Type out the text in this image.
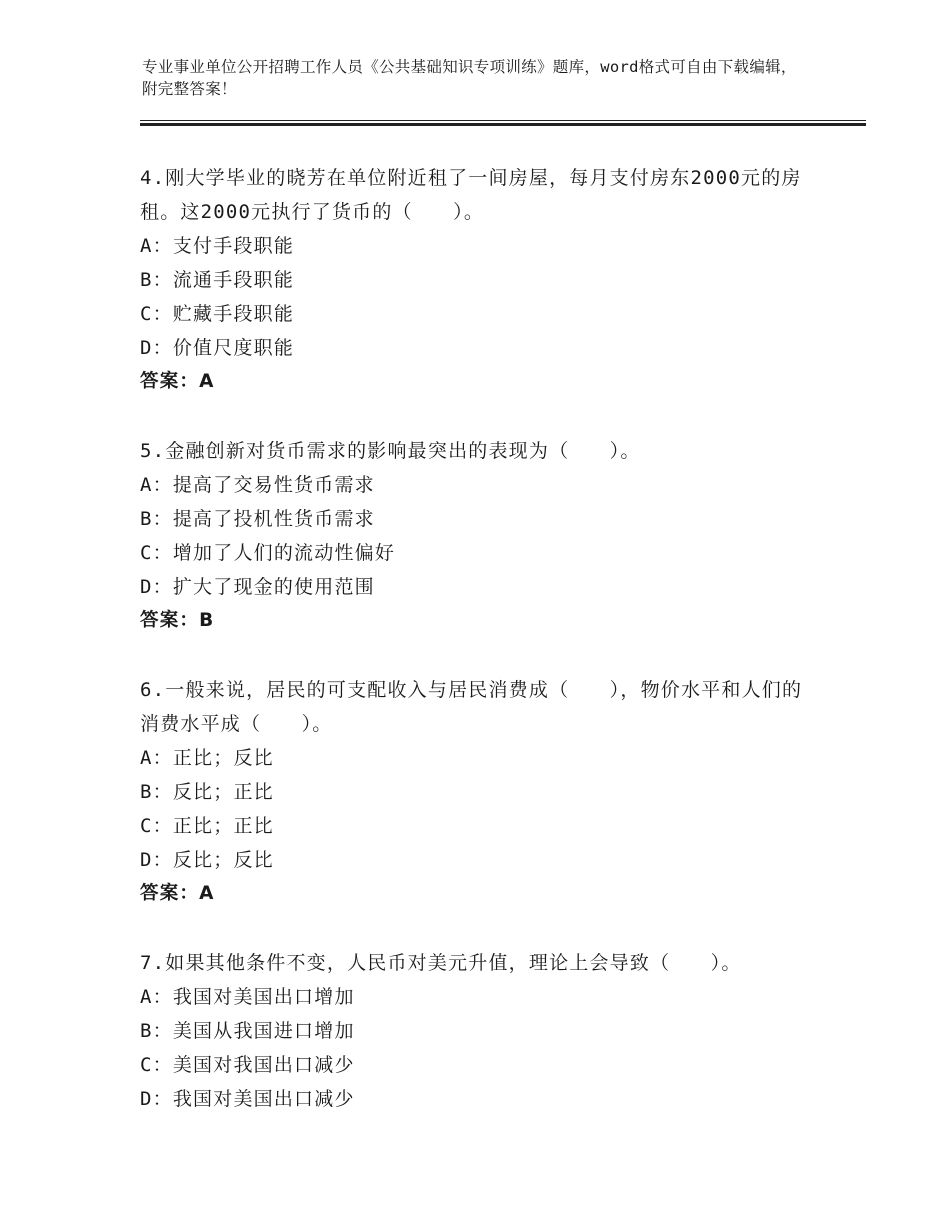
专业事业单位公开招聘工作人员《公共基础知识专项训练》题库，word格式可自由下载编辑，附完整答案！

4.刚大学毕业的晓芳在单位附近租了一间房屋，每月支付房东2000元的房租。这2000元执行了货币的（　　）。

A：支付手段职能

B：流通手段职能

C：贮藏手段职能

D：价值尺度职能

答案：A

5.金融创新对货币需求的影响最突出的表现为（　　）。

A：提高了交易性货币需求

B：提高了投机性货币需求

C：增加了人们的流动性偏好

D：扩大了现金的使用范围

答案：B

6.一般来说，居民的可支配收入与居民消费成（　　），物价水平和人们的消费水平成（　　）。

A：正比；反比

B：反比；正比

C：正比；正比

D：反比；反比

答案：A

7.如果其他条件不变，人民币对美元升值，理论上会导致（　　）。

A：我国对美国出口增加

B：美国从我国进口增加

C：美国对我国出口减少

D：我国对美国出口减少
